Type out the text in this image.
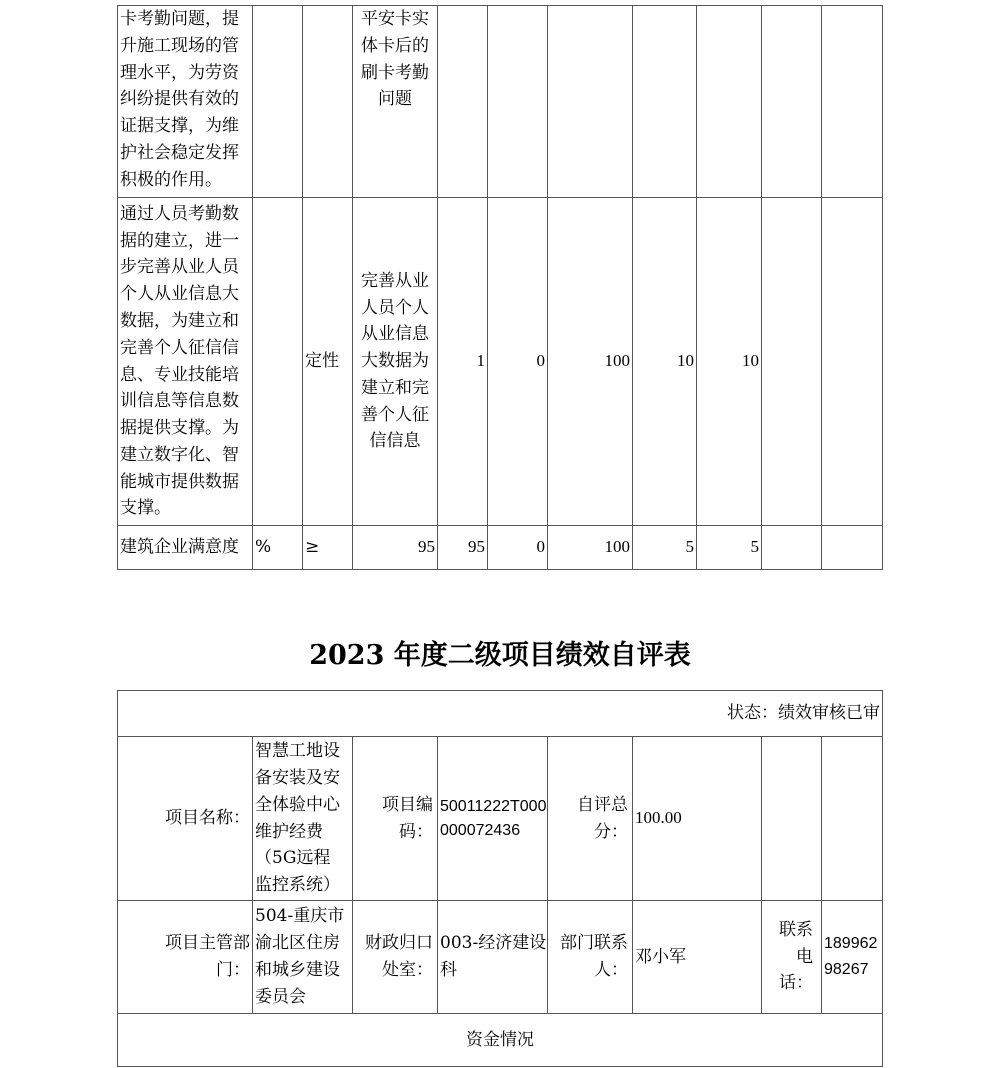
卡考勤问题，提升施工现场的管理水平，为劳资纠纷提供有效的证据支撑，为维护社会稳定发挥积极的作用。			平安卡实体卡后的刷卡考勤问题							
通过人员考勤数据的建立，进一步完善从业人员个人从业信息大数据，为建立和完善个人征信信息、专业技能培训信息等信息数据提供支撑。为建立数字化、智能城市提供数据支撑。		定性	完善从业人员个人从业信息大数据为建立和完善个人征信信息	1	0	100	10	10		
建筑企业满意度	%	≥	95	95	0	100	5	5		
2023 年度二级项目绩效自评表
状态：绩效审核已审							
项目名称：	智慧工地设备安装及安全体验中心维护经费（5G远程监控系统）	项目编码：	50011222T000000072436	自评总分：	100.00		
项目主管部门：	504-重庆市渝北区住房和城乡建设委员会	财政归口处室：	003-经济建设科	部门联系人：	邓小军	联系电话：	18996298267
资金情况							
